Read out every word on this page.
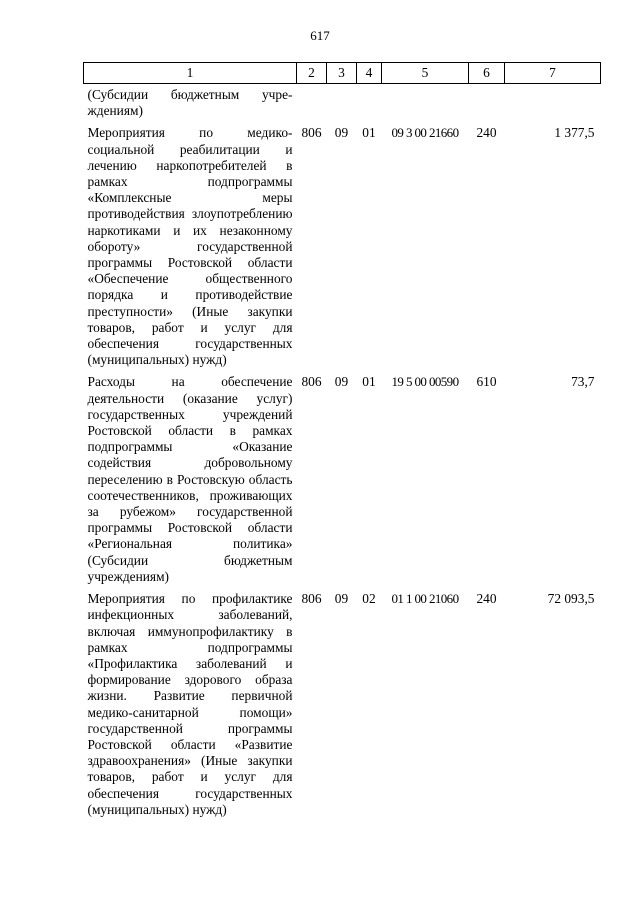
617
1	2	3	4	5	6	7
(Субсидии бюджетным учре-ждениям)						
Мероприятия по медико-социальной реабилитации и лечению наркопотребителей в рамках подпрограммы «Комплексные меры противодействия злоупотреблению наркотиками и их незаконному обороту» государственной программы Ростовской области «Обеспечение общественного порядка и противодействие преступности» (Иные закупки товаров, работ и услуг для обеспечения государственных (муниципальных) нужд)	806	09	01	09 3 00 21660	240	1 377,5
Расходы на обеспечение деятельности (оказание услуг) государственных учреждений Ростовской области в рамках подпрограммы «Оказание содействия добровольному переселению в Ростовскую область соотечественников, проживающих за рубежом» государственной программы Ростовской области «Региональная политика» (Субсидии бюджетным учреждениям)	806	09	01	19 5 00 00590	610	73,7
Мероприятия по профилактике инфекционных заболеваний, включая иммунопрофилактику в рамках подпрограммы «Профилактика заболеваний и формирование здорового образа жизни. Развитие первичной медико-санитарной помощи» государственной программы Ростовской области «Развитие здравоохранения» (Иные закупки товаров, работ и услуг для обеспечения государственных (муниципальных) нужд)	806	09	02	01 1 00 21060	240	72 093,5
